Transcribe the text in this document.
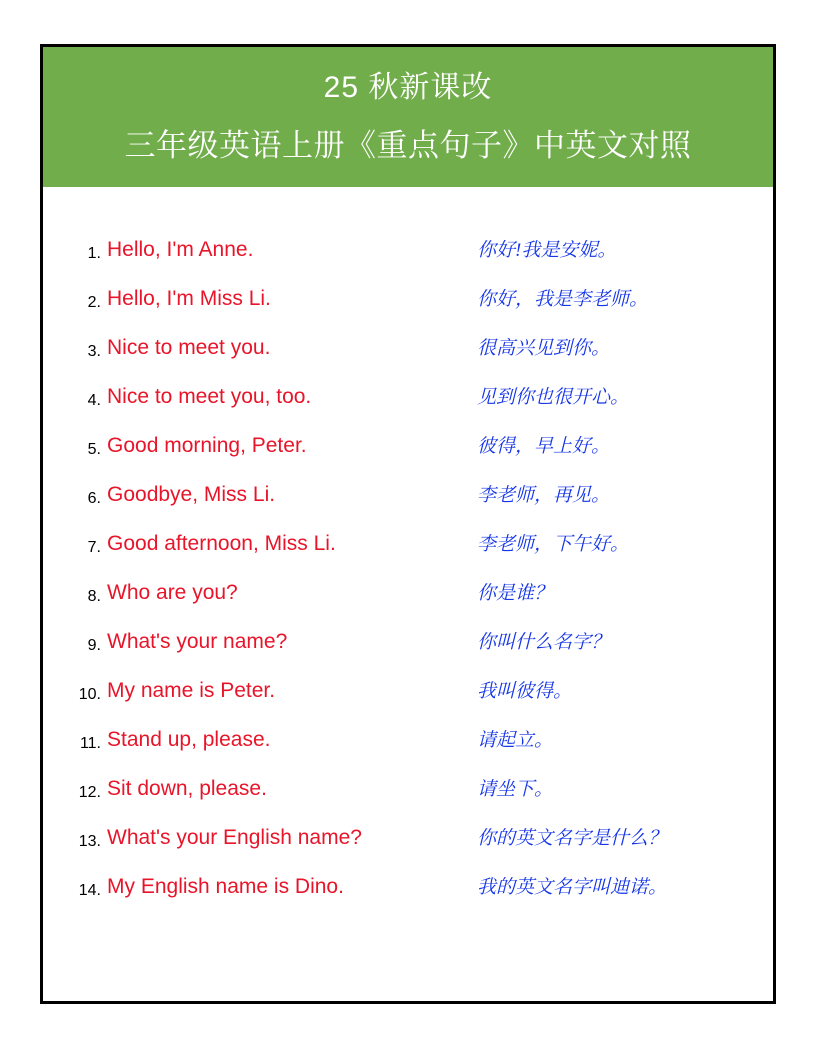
25 秋新课改
三年级英语上册《重点句子》中英文对照
1. Hello, I'm Anne.	你好!我是安妮。
2. Hello, I'm Miss Li.	你好，我是李老师。
3. Nice to meet you.	很高兴见到你。
4. Nice to meet you, too.	见到你也很开心。
5. Good morning, Peter.	彼得，早上好。
6. Goodbye, Miss Li.	李老师，再见。
7. Good afternoon, Miss Li.	李老师，下午好。
8. Who are you?	你是谁？
9. What's your name?	你叫什么名字？
10. My name is Peter.	我叫彼得。
11. Stand up, please.	请起立。
12. Sit down, please.	请坐下。
13. What's your English name?	你的英文名字是什么？
14. My English name is Dino.	我的英文名字叫迪诺。
